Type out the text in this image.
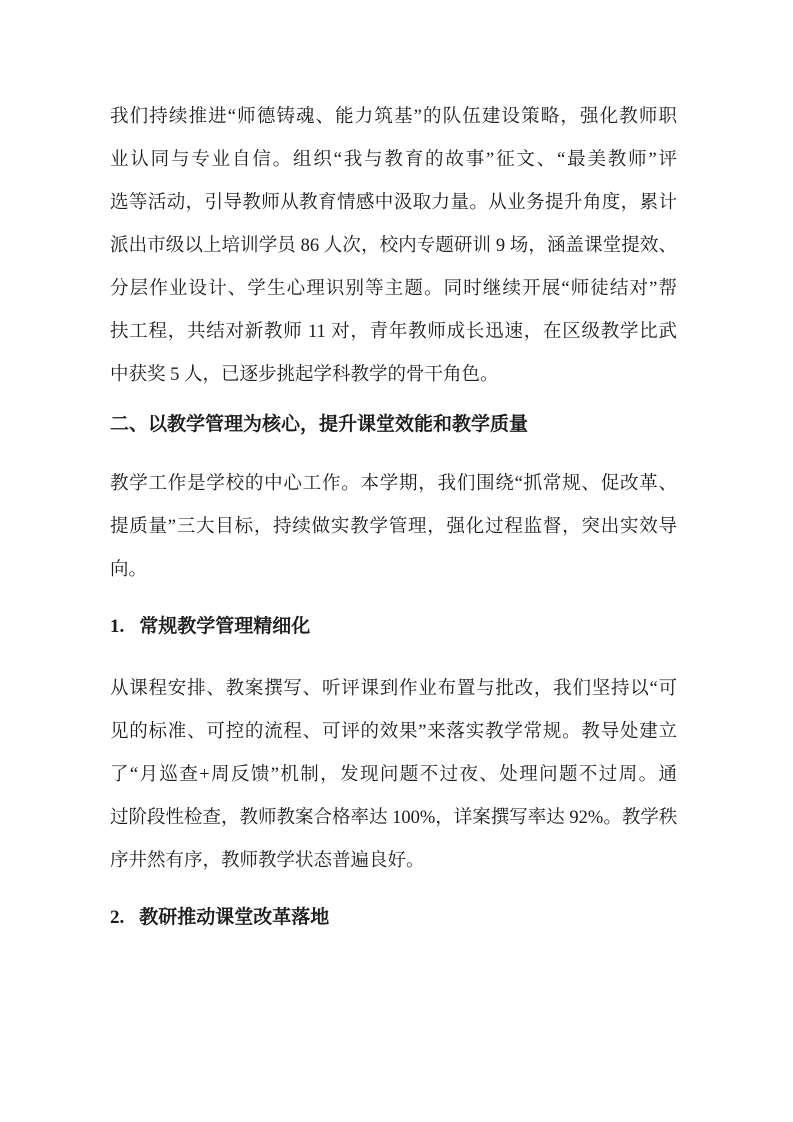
我们持续推进“师德铸魂、能力筑基”的队伍建设策略，强化教师职
业认同与专业自信。组织“我与教育的故事”征文、“最美教师”评
选等活动，引导教师从教育情感中汲取力量。从业务提升角度，累计
派出市级以上培训学员 86 人次，校内专题研训 9 场，涵盖课堂提效、
分层作业设计、学生心理识别等主题。同时继续开展“师徒结对”帮
扶工程，共结对新教师 11 对，青年教师成长迅速，在区级教学比武
中获奖 5 人，已逐步挑起学科教学的骨干角色。
二、以教学管理为核心，提升课堂效能和教学质量
教学工作是学校的中心工作。本学期，我们围绕“抓常规、促改革、
提质量”三大目标，持续做实教学管理，强化过程监督，突出实效导
向。
1. 常规教学管理精细化
从课程安排、教案撰写、听评课到作业布置与批改，我们坚持以“可
见的标准、可控的流程、可评的效果”来落实教学常规。教导处建立
了“月巡查+周反馈”机制，发现问题不过夜、处理问题不过周。通
过阶段性检查，教师教案合格率达 100%，详案撰写率达 92%。教学秩
序井然有序，教师教学状态普遍良好。
2. 教研推动课堂改革落地
